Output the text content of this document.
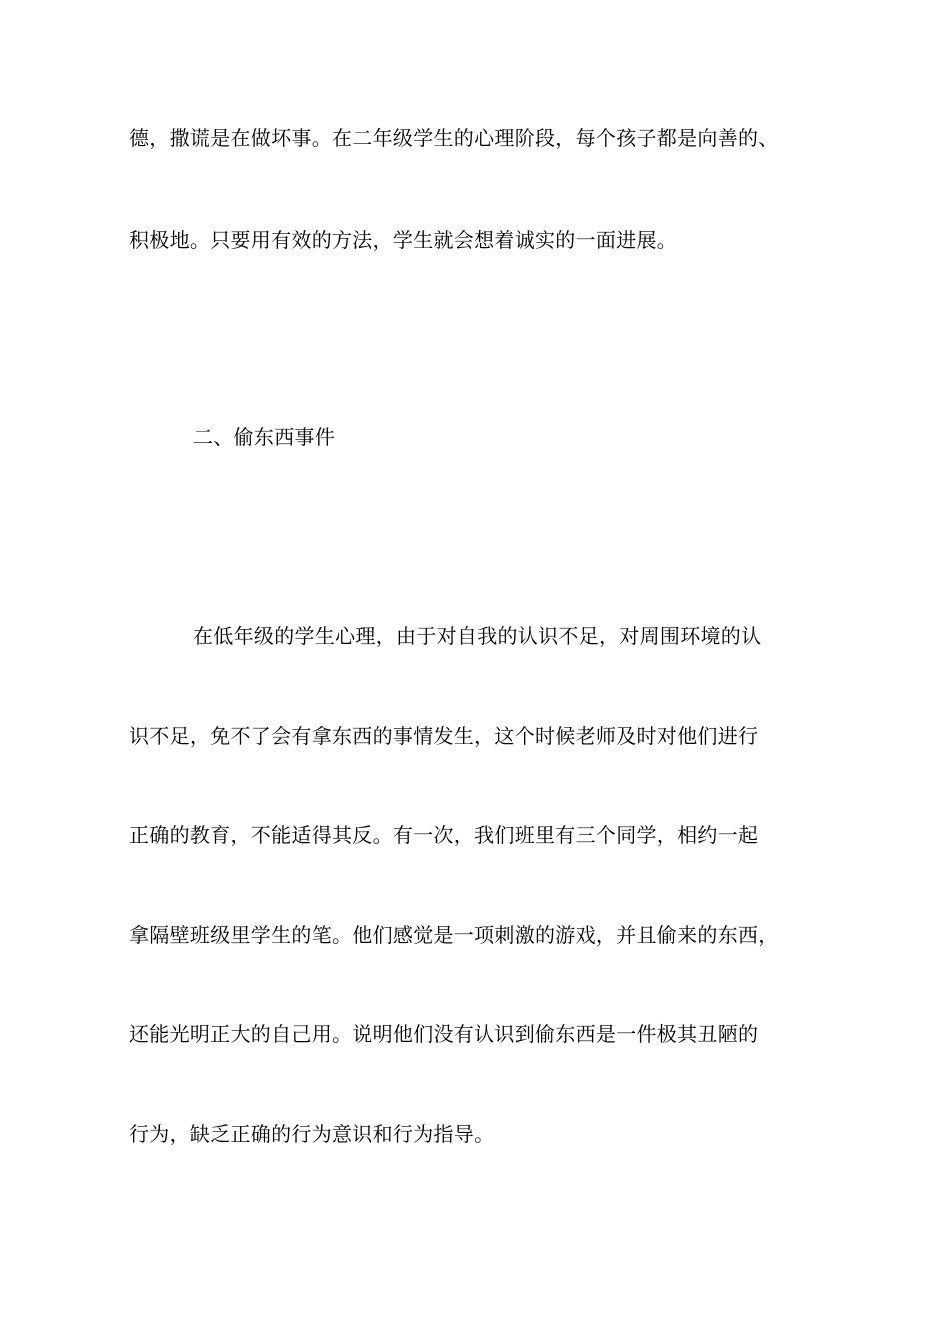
德，撒谎是在做坏事。在二年级学生的心理阶段，每个孩子都是向善的、
积极地。只要用有效的方法，学生就会想着诚实的一面进展。
二、偷东西事件
在低年级的学生心理，由于对自我的认识不足，对周围环境的认
识不足，免不了会有拿东西的事情发生，这个时候老师及时对他们进行
正确的教育，不能适得其反。有一次，我们班里有三个同学，相约一起
拿隔壁班级里学生的笔。他们感觉是一项刺激的游戏，并且偷来的东西，
还能光明正大的自己用。说明他们没有认识到偷东西是一件极其丑陋的
行为，缺乏正确的行为意识和行为指导。
